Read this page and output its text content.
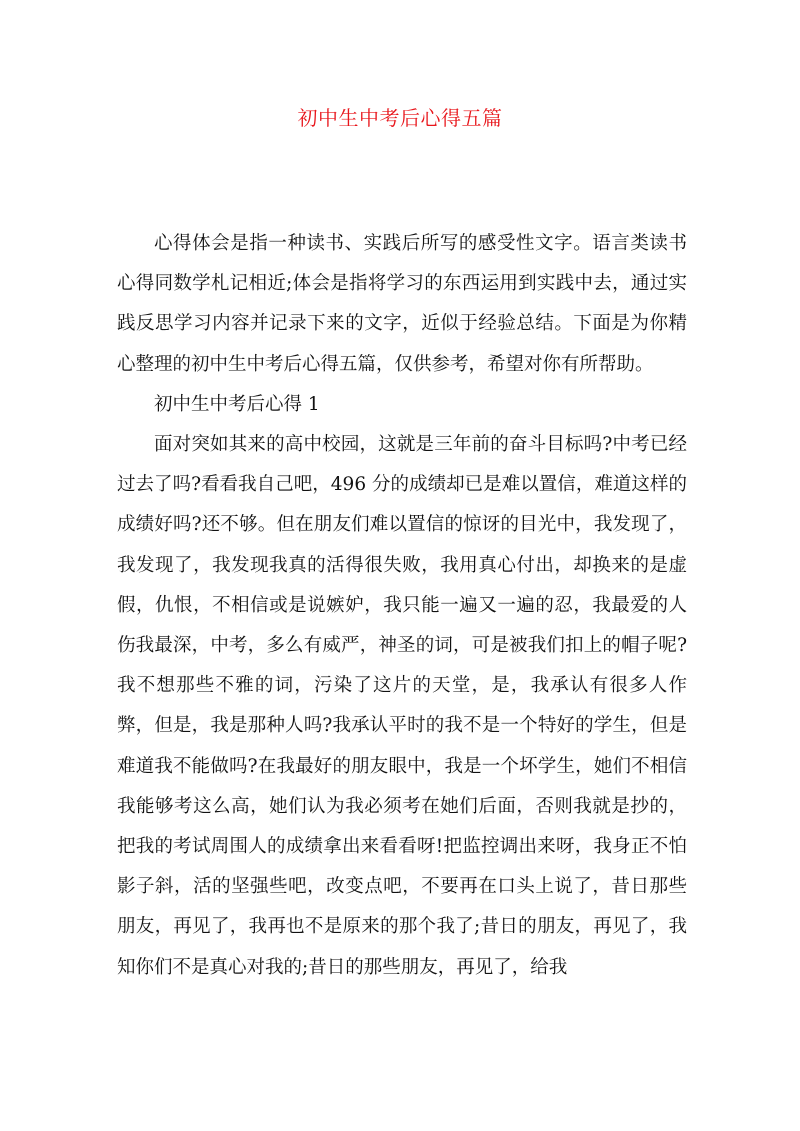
初中生中考后心得五篇

心得体会是指一种读书、实践后所写的感受性文字。语言类读书心得同数学札记相近;体会是指将学习的东西运用到实践中去，通过实践反思学习内容并记录下来的文字，近似于经验总结。下面是为你精心整理的初中生中考后心得五篇，仅供参考，希望对你有所帮助。

初中生中考后心得 1

面对突如其来的高中校园，这就是三年前的奋斗目标吗?中考已经过去了吗?看看我自己吧，496 分的成绩却已是难以置信，难道这样的成绩好吗?还不够。但在朋友们难以置信的惊讶的目光中，我发现了，我发现了，我发现我真的活得很失败，我用真心付出，却换来的是虚假，仇恨，不相信或是说嫉妒，我只能一遍又一遍的忍，我最爱的人伤我最深，中考，多么有威严，神圣的词，可是被我们扣上的帽子呢?我不想那些不雅的词，污染了这片的天堂，是，我承认有很多人作弊，但是，我是那种人吗?我承认平时的我不是一个特好的学生，但是难道我不能做吗?在我最好的朋友眼中，我是一个坏学生，她们不相信我能够考这么高，她们认为我必须考在她们后面，否则我就是抄的，把我的考试周围人的成绩拿出来看看呀!把监控调出来呀，我身正不怕影子斜，活的坚强些吧，改变点吧，不要再在口头上说了，昔日那些朋友，再见了，我再也不是原来的那个我了;昔日的朋友，再见了，我知你们不是真心对我的;昔日的那些朋友，再见了，给我
